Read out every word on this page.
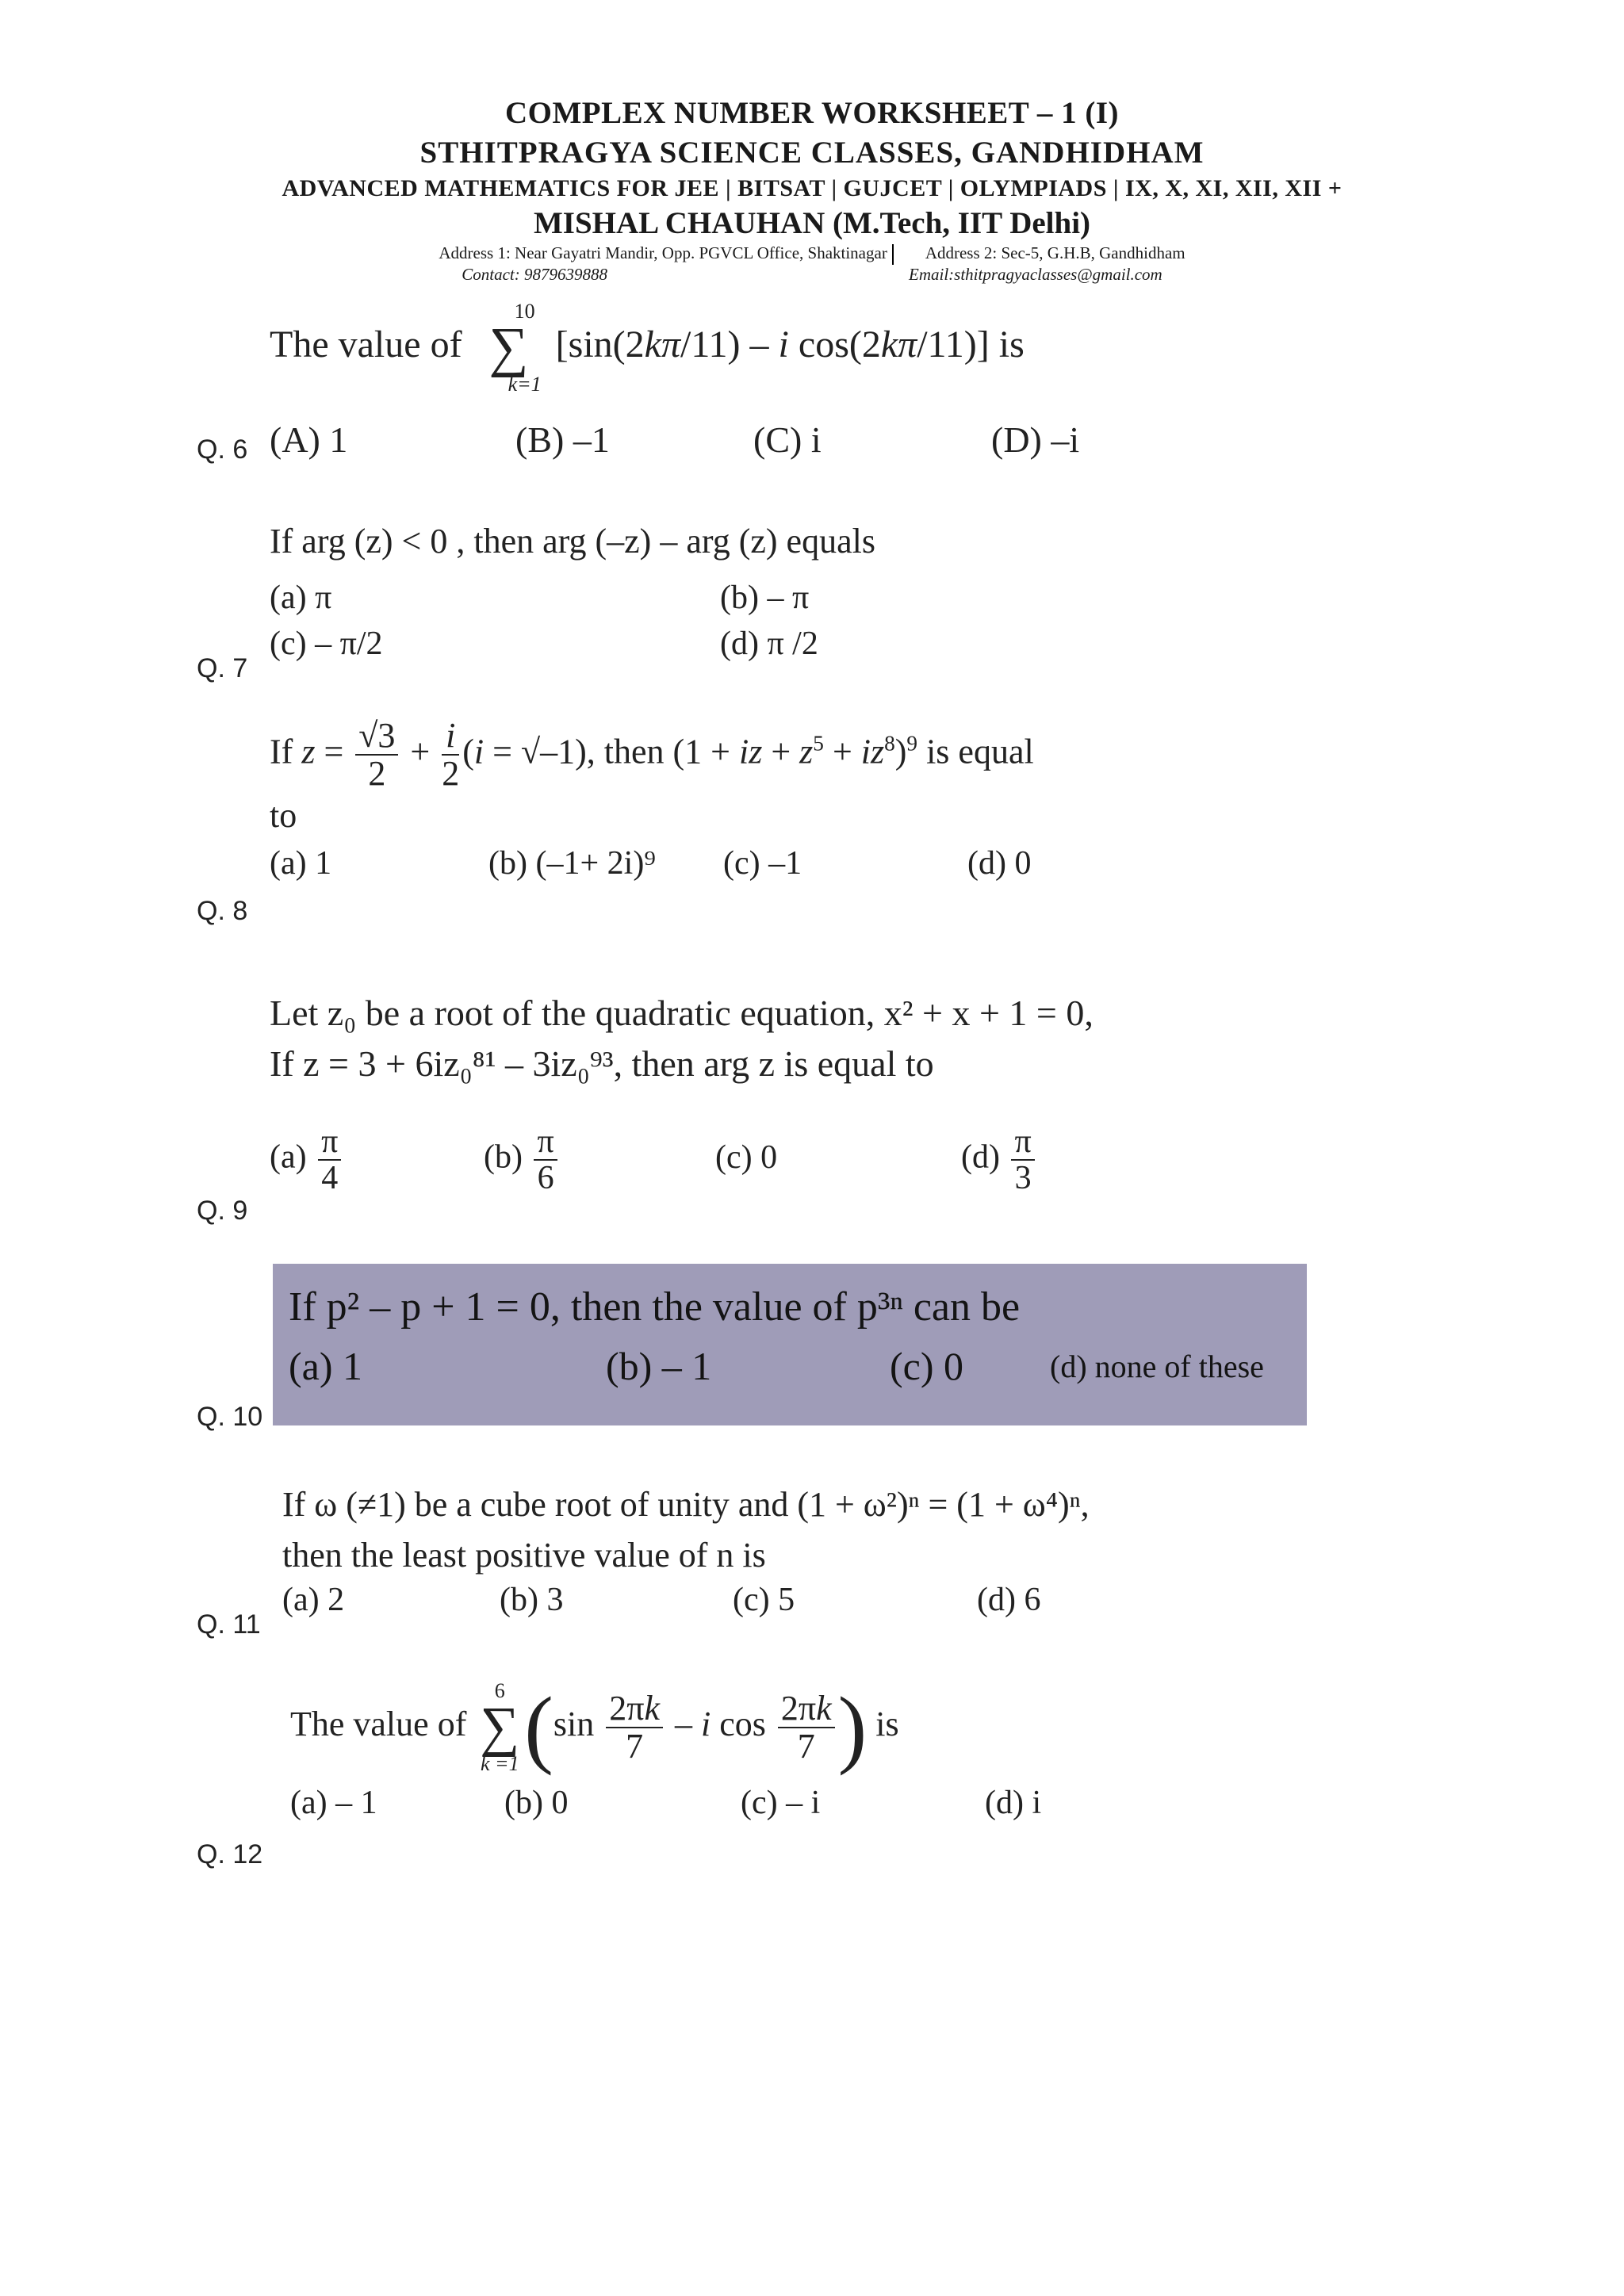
COMPLEX NUMBER WORKSHEET – 1 (I)
STHITPRAGYA SCIENCE CLASSES, GANDHIDHAM
ADVANCED MATHEMATICS FOR JEE | BITSAT | GUJCET | OLYMPIADS | IX, X, XI, XII, XII +
MISHAL CHAUHAN (M.Tech, IIT Delhi)
Address 1: Near Gayatri Mandir, Opp. PGVCL Office, Shaktinagar Address 2: Sec-5, G.H.B, Gandhidham
Contact: 9879639888	Email:sthitpragyaclasses@gmail.com
The value of
10
∑
k=1
[sin(2kπ/11) – i cos(2kπ/11)] is
(A) 1	(B) –1	(C) i	(D) –i
Q. 6
If arg (z) < 0 , then arg (–z) – arg (z) equals
(a) π	(b) – π
(c) – π/2	(d) π /2
Q. 7
If $z = \frac{√3}{2} + \frac{i}{2} (i = √-1)$, then (1 + iz + $z^5 + iz^8)^9$ is equal
to
(a) 1	(b) (–1+ 2i)⁹ (c) –1	(d) 0
Q. 8
Let z₀ be a root of the quadratic equation, x² + x + 1 = 0,
If z = 3 + 6iz₀⁸¹ – 3iz₀⁹³, then arg z is equal to
$(a) \frac{\pi}{4}$	$(b) \frac{\pi}{6}$	(c) 0	$(d) \frac{\pi}{3}$
Q. 9
If p² – p + 1 = 0, then the value of p³ⁿ can be
(a) 1	(b) – 1	(c) 0	(d) none of these
Q. 10
If ω (≠1) be a cube root of unity and (1 + ω²)ⁿ = (1 + ω⁴)ⁿ,
then the least positive value of n is
(a) 2	(b) 3	(c) 5	(d) 6
Q. 11
The value of
6
∑
k =1 ($\sin \frac{2\pi k}{7}$ – i $\cos \frac{2\pi k}{7}$ ) is
(a) – 1	(b) 0	(c) – i	(d) i
Q. 12
